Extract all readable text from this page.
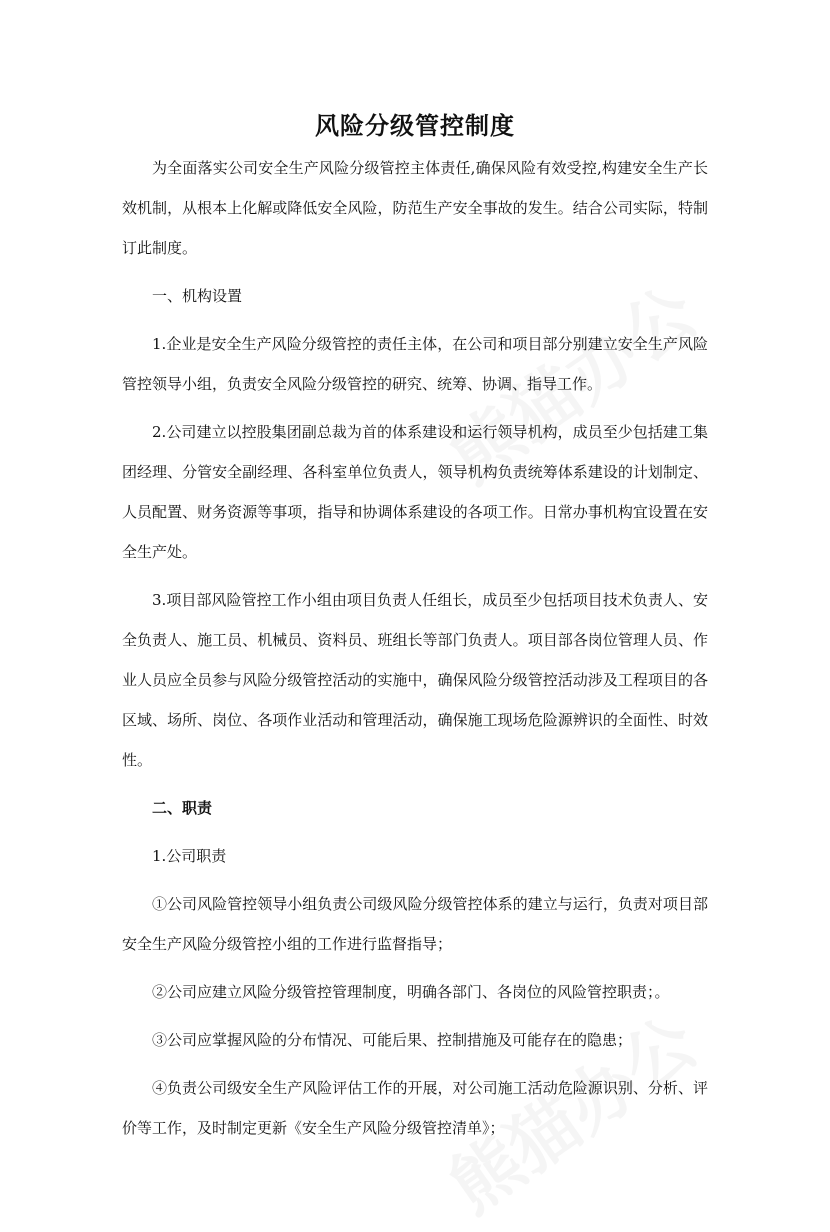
风险分级管控制度

为全面落实公司安全生产风险分级管控主体责任,确保风险有效受控,构建安全生产长效机制，从根本上化解或降低安全风险，防范生产安全事故的发生。结合公司实际，特制订此制度。

一、机构设置

1.企业是安全生产风险分级管控的责任主体，在公司和项目部分别建立安全生产风险管控领导小组，负责安全风险分级管控的研究、统筹、协调、指导工作。

2.公司建立以控股集团副总裁为首的体系建设和运行领导机构，成员至少包括建工集团经理、分管安全副经理、各科室单位负责人，领导机构负责统筹体系建设的计划制定、人员配置、财务资源等事项，指导和协调体系建设的各项工作。日常办事机构宜设置在安全生产处。

3.项目部风险管控工作小组由项目负责人任组长，成员至少包括项目技术负责人、安全负责人、施工员、机械员、资料员、班组长等部门负责人。项目部各岗位管理人员、作业人员应全员参与风险分级管控活动的实施中，确保风险分级管控活动涉及工程项目的各区域、场所、岗位、各项作业活动和管理活动，确保施工现场危险源辨识的全面性、时效性。

二、职责

1.公司职责

①公司风险管控领导小组负责公司级风险分级管控体系的建立与运行，负责对项目部安全生产风险分级管控小组的工作进行监督指导；

②公司应建立风险分级管控管理制度，明确各部门、各岗位的风险管控职责；。

③公司应掌握风险的分布情况、可能后果、控制措施及可能存在的隐患；

④负责公司级安全生产风险评估工作的开展，对公司施工活动危险源识别、分析、评价等工作，及时制定更新《安全生产风险分级管控清单》；
